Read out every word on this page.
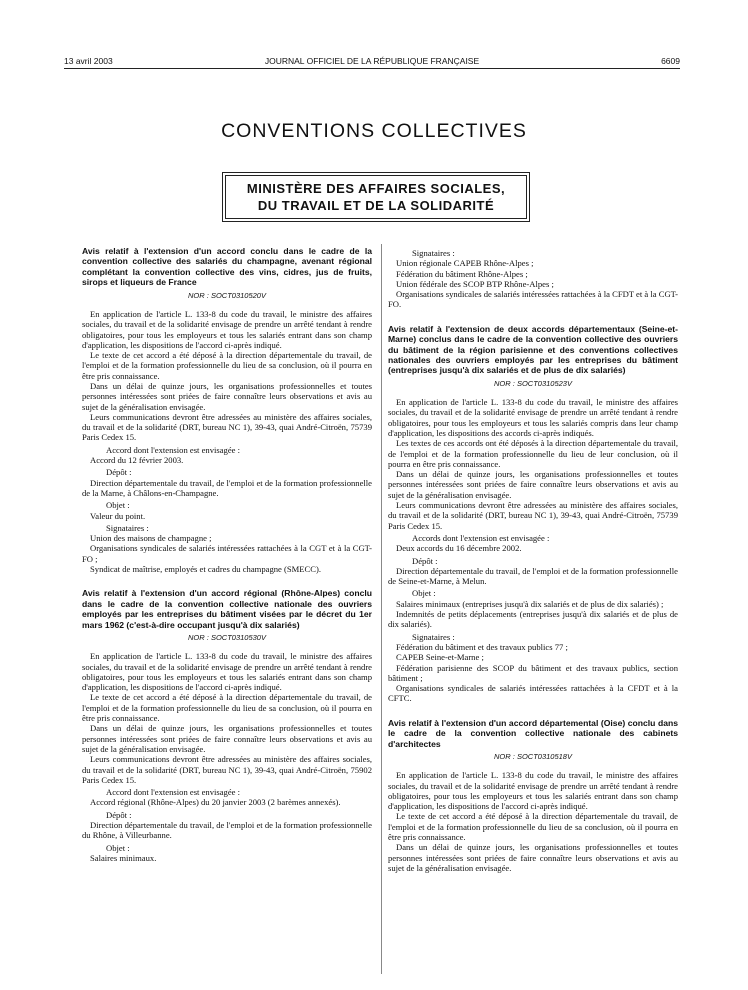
13 avril 2003	JOURNAL OFFICIEL DE LA RÉPUBLIQUE FRANÇAISE	6609
CONVENTIONS COLLECTIVES
MINISTÈRE DES AFFAIRES SOCIALES,
DU TRAVAIL ET DE LA SOLIDARITÉ

Avis relatif à l'extension d'un accord conclu dans le cadre de la convention collective des salariés du champagne, avenant régional complétant la convention collective des vins, cidres, jus de fruits, sirops et liqueurs de France

NOR : SOCT0310520V

En application de l'article L. 133-8 du code du travail, le ministre des affaires sociales, du travail et de la solidarité envisage de prendre un arrêté tendant à rendre obligatoires, pour tous les employeurs et tous les salariés entrant dans son champ d'application, les dispositions de l'accord ci-après indiqué.

Le texte de cet accord a été déposé à la direction départementale du travail, de l'emploi et de la formation professionnelle du lieu de sa conclusion, où il pourra en être pris connaissance.

Dans un délai de quinze jours, les organisations professionnelles et toutes personnes intéressées sont priées de faire connaître leurs observations et avis au sujet de la généralisation envisagée.

Leurs communications devront être adressées au ministère des affaires sociales, du travail et de la solidarité (DRT, bureau NC 1), 39-43, quai André-Citroën, 75739 Paris Cedex 15.

Accord dont l'extension est envisagée :

Accord du 12 février 2003.

Dépôt :

Direction départementale du travail, de l'emploi et de la formation professionnelle de la Marne, à Châlons-en-Champagne.

Objet :

Valeur du point.

Signataires :

Union des maisons de champagne ;

Organisations syndicales de salariés intéressées rattachées à la CGT et à la CGT-FO ;

Syndicat de maîtrise, employés et cadres du champagne (SMECC).

Avis relatif à l'extension d'un accord régional (Rhône-Alpes) conclu dans le cadre de la convention collective nationale des ouvriers employés par les entreprises du bâtiment visées par le décret du 1er mars 1962 (c'est-à-dire occupant jusqu'à dix salariés)

NOR : SOCT0310530V

En application de l'article L. 133-8 du code du travail, le ministre des affaires sociales, du travail et de la solidarité envisage de prendre un arrêté tendant à rendre obligatoires, pour tous les employeurs et tous les salariés entrant dans son champ d'application, les dispositions de l'accord ci-après indiqué.

Le texte de cet accord a été déposé à la direction départementale du travail, de l'emploi et de la formation professionnelle du lieu de sa conclusion, où il pourra en être pris connaissance.

Dans un délai de quinze jours, les organisations professionnelles et toutes personnes intéressées sont priées de faire connaître leurs observations et avis au sujet de la généralisation envisagée.

Leurs communications devront être adressées au ministère des affaires sociales, du travail et de la solidarité (DRT, bureau NC 1), 39-43, quai André-Citroën, 75902 Paris Cedex 15.

Accord dont l'extension est envisagée :

Accord régional (Rhône-Alpes) du 20 janvier 2003 (2 barèmes annexés).

Dépôt :

Direction départementale du travail, de l'emploi et de la formation professionnelle du Rhône, à Villeurbanne.

Objet :

Salaires minimaux.

Signataires :

Union régionale CAPEB Rhône-Alpes ;

Fédération du bâtiment Rhône-Alpes ;

Union fédérale des SCOP BTP Rhône-Alpes ;

Organisations syndicales de salariés intéressées rattachées à la CFDT et à la CGT-FO.

Avis relatif à l'extension de deux accords départementaux (Seine-et-Marne) conclus dans le cadre de la convention collective des ouvriers du bâtiment de la région parisienne et des conventions collectives nationales des ouvriers employés par les entreprises du bâtiment (entreprises jusqu'à dix salariés et de plus de dix salariés)

NOR : SOCT0310523V

En application de l'article L. 133-8 du code du travail, le ministre des affaires sociales, du travail et de la solidarité envisage de prendre un arrêté tendant à rendre obligatoires, pour tous les employeurs et tous les salariés compris dans leur champ d'application, les dispositions des accords ci-après indiqués.

Les textes de ces accords ont été déposés à la direction départementale du travail, de l'emploi et de la formation professionnelle du lieu de leur conclusion, où il pourra en être pris connaissance.

Dans un délai de quinze jours, les organisations professionnelles et toutes personnes intéressées sont priées de faire connaître leurs observations et avis au sujet de la généralisation envisagée.

Leurs communications devront être adressées au ministère des affaires sociales, du travail et de la solidarité (DRT, bureau NC 1), 39-43, quai André-Citroën, 75739 Paris Cedex 15.

Accords dont l'extension est envisagée :

Deux accords du 16 décembre 2002.

Dépôt :

Direction départementale du travail, de l'emploi et de la formation professionnelle de Seine-et-Marne, à Melun.

Objet :

Salaires minimaux (entreprises jusqu'à dix salariés et de plus de dix salariés) ;

Indemnités de petits déplacements (entreprises jusqu'à dix salariés et de plus de dix salariés).

Signataires :

Fédération du bâtiment et des travaux publics 77 ;

CAPEB Seine-et-Marne ;

Fédération parisienne des SCOP du bâtiment et des travaux publics, section bâtiment ;

Organisations syndicales de salariés intéressées rattachées à la CFDT et à la CFTC.

Avis relatif à l'extension d'un accord départemental (Oise) conclu dans le cadre de la convention collective nationale des cabinets d'architectes

NOR : SOCT0310518V

En application de l'article L. 133-8 du code du travail, le ministre des affaires sociales, du travail et de la solidarité envisage de prendre un arrêté tendant à rendre obligatoires, pour tous les employeurs et tous les salariés entrant dans son champ d'application, les dispositions de l'accord ci-après indiqué.

Le texte de cet accord a été déposé à la direction départementale du travail, de l'emploi et de la formation professionnelle du lieu de sa conclusion, où il pourra en être pris connaissance.

Dans un délai de quinze jours, les organisations professionnelles et toutes personnes intéressées sont priées de faire connaître leurs observations et avis au sujet de la généralisation envisagée.
